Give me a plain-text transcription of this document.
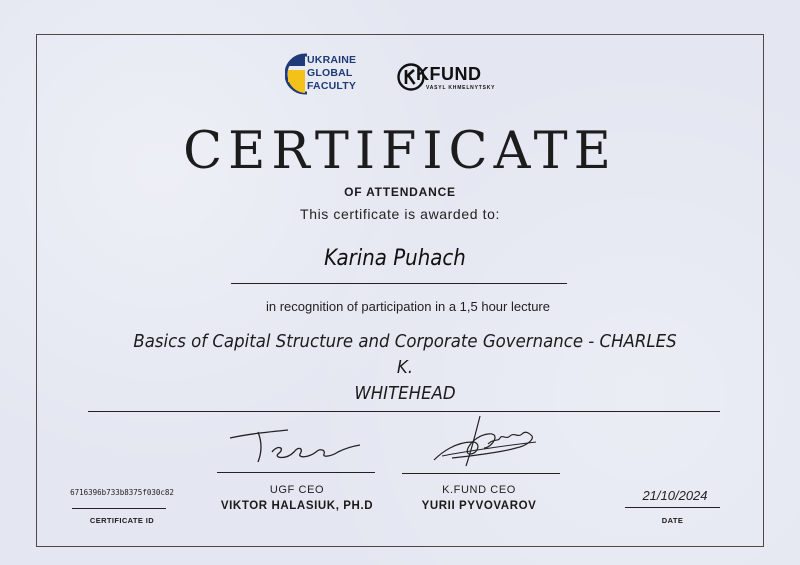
UKRAINE
GLOBAL
FACULTY
KFUND
VASYL KHMELNYTSKY
CERTIFICATE
OF ATTENDANCE
This certificate is awarded to:
Karina Puhach
in recognition of participation in a 1,5 hour lecture
Basics of Capital Structure and Corporate Governance - CHARLES K.
WHITEHEAD
UGF CEO
VIKTOR HALASIUK, PH.D
K.FUND CEO
YURII PYVOVAROV
6716396b733b8375f030c82
CERTIFICATE ID
21/10/2024
DATE
